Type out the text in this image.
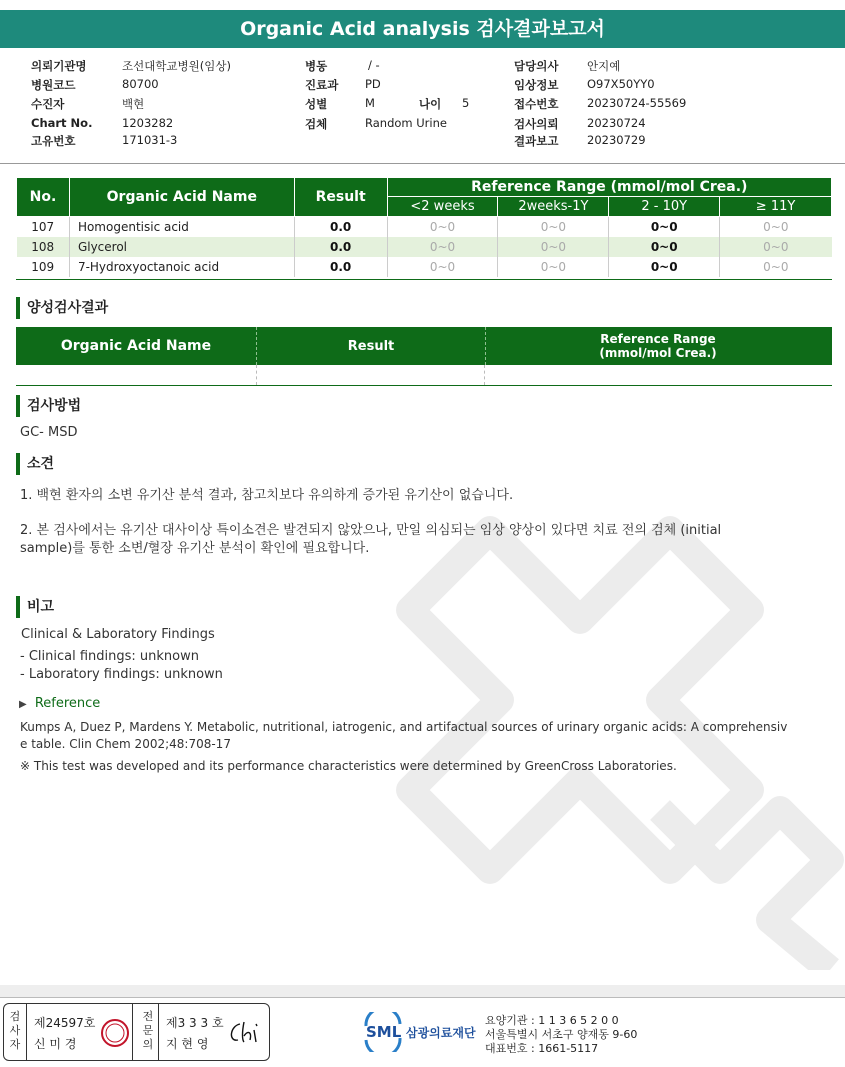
Organic Acid analysis 검사결과보고서
의뢰기관명	조선대학교병원(임상)
병원코드	80700
수진자	백현
Chart No.	1203282
고유번호	171031-3
병동	/ -
진료과 PD
성별	M	나이 5
검체	Random Urine
담당의사 안지예
임상정보 O97X50YY0
접수번호 20230724-55569
검사의뢰 20230724
결과보고 20230729
No.	Organic Acid Name	Result	Reference Range (mmol/mol Crea.)			
			<2 weeks	2weeks-1Y	2 - 10Y	≥ 11Y
107	Homogentisic acid	0.0	0~0	0~0	0~0	0~0
108	Glycerol	0.0	0~0	0~0	0~0	0~0
109	7-Hydroxyoctanoic acid	0.0	0~0	0~0	0~0	0~0
양성검사결과
Organic Acid Name	Result	Reference Range
(mmol/mol Crea.)
검사방법
GC- MSD
소견
1. 백현 환자의 소변 유기산 분석 결과, 참고치보다 유의하게 증가된 유기산이 없습니다.
2. 본 검사에서는 유기산 대사이상 특이소견은 발견되지 않았으나, 만일 의심되는 임상 양상이 있다면 치료 전의 검체 (initial
sample)를 통한 소변/혈장 유기산 분석이 확인에 필요합니다.
비고
Clinical & Laboratory Findings
- Clinical findings: unknown
- Laboratory findings: unknown
▶ Reference
Kumps A, Duez P, Mardens Y. Metabolic, nutritional, iatrogenic, and artifactual sources of urinary organic acids: A comprehensiv
e table. Clin Chem 2002;48:708-17
※ This test was developed and its performance characteristics were determined by GreenCross Laboratories.
검
사
자
제24597호
신 미 경
전
문
의
제3 3 3 호
지 현 영
SML 삼광의료재단
요양기관 : 1 1 3 6 5 2 0 0
서울특별시 서초구 양재동 9-60
대표번호 : 1661-5117
